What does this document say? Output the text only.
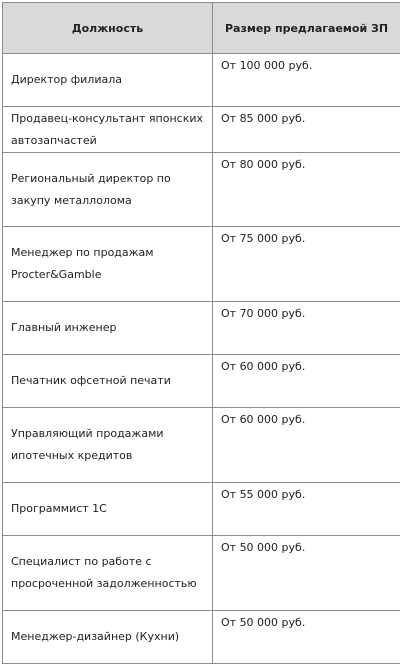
Должность	Размер предлагаемой ЗП
Директор филиала	От 100 000 руб.
Продавец-консультант японских автозапчастей	От 85 000 руб.
Региональный директор по закупу металлолома	От 80 000 руб.
Менеджер по продажам Procter&Gamble	От 75 000 руб.
Главный инженер	От 70 000 руб.
Печатник офсетной печати	От 60 000 руб.
Управляющий продажами ипотечных кредитов	От 60 000 руб.
Программист 1С	От 55 000 руб.
Специалист по работе с просроченной задолженностью	От 50 000 руб.
Менеджер-дизайнер (Кухни)	От 50 000 руб.
